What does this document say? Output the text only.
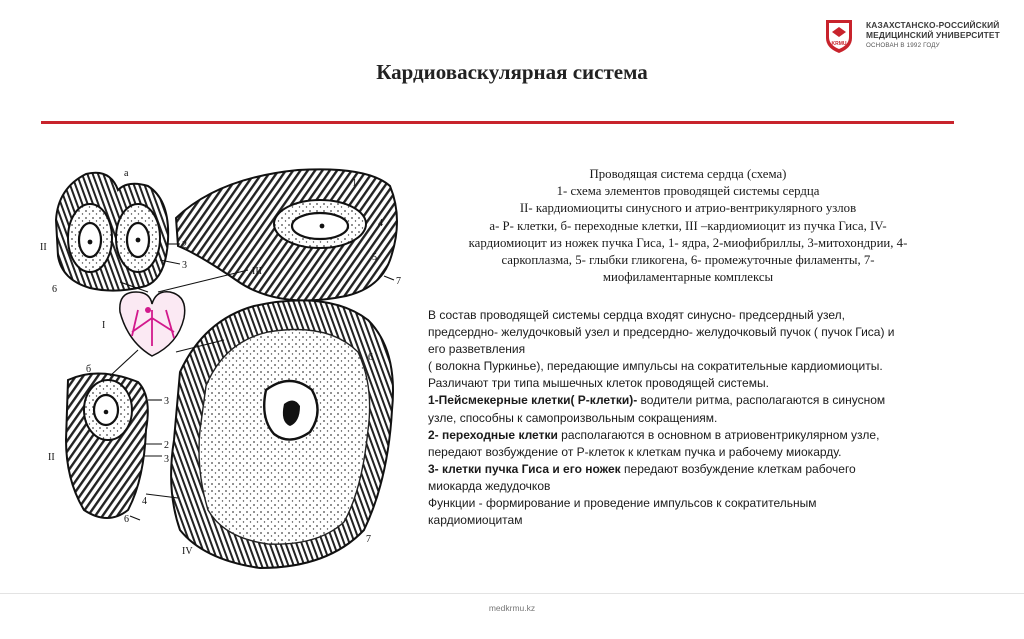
KRMU
КАЗАХСТАНСКО-РОССИЙСКИЙ
МЕДИЦИНСКИЙ УНИВЕРСИТЕТ
ОСНОВАН В 1992 ГОДУ
Кардиоваскулярная система
а
II
6
2
3
I
б
III
1
4
5
7
3
II
2
3
4
6
6
7
IV
Проводящая система сердца (схема)
1- схема элементов проводящей системы сердца
II- кардиомиоциты синусного и атрио-вентрикулярного узлов
а- Р- клетки, б- переходные клетки, III –кардиомиоцит из пучка Гиса, IV-
кардиомиоцит из ножек пучка Гиса, 1- ядра, 2-миофибриллы, 3-митохондрии, 4-
саркоплазма, 5- глыбки гликогена, 6- промежуточные филаменты, 7-
миофиламентарные комплексы

В состав проводящей системы сердца входят синусно- предсердный узел,

предсердно- желудочковый узел и предсердно- желудочковый пучок ( пучок Гиса) и

его разветвления

( волокна Пуркинье), передающие импульсы на сократительные кардиомиоциты.

Различают три типа мышечных клеток проводящей системы.

1-Пейсмекерные клетки( Р-клетки)- водители ритма, располагаются в синусном

узле, способны к самопроизвольным сокращениям.

2- переходные клетки располагаются в основном в атриовентрикулярном узле,

передают возбуждение от Р-клеток к клеткам пучка и рабочему миокарду.

3- клетки пучка Гиса и его ножек передают возбуждение клеткам рабочего

миокарда жедудочков

Функции - формирование и проведение импульсов к сократительным

кардиомиоцитам

medkrmu.kz
